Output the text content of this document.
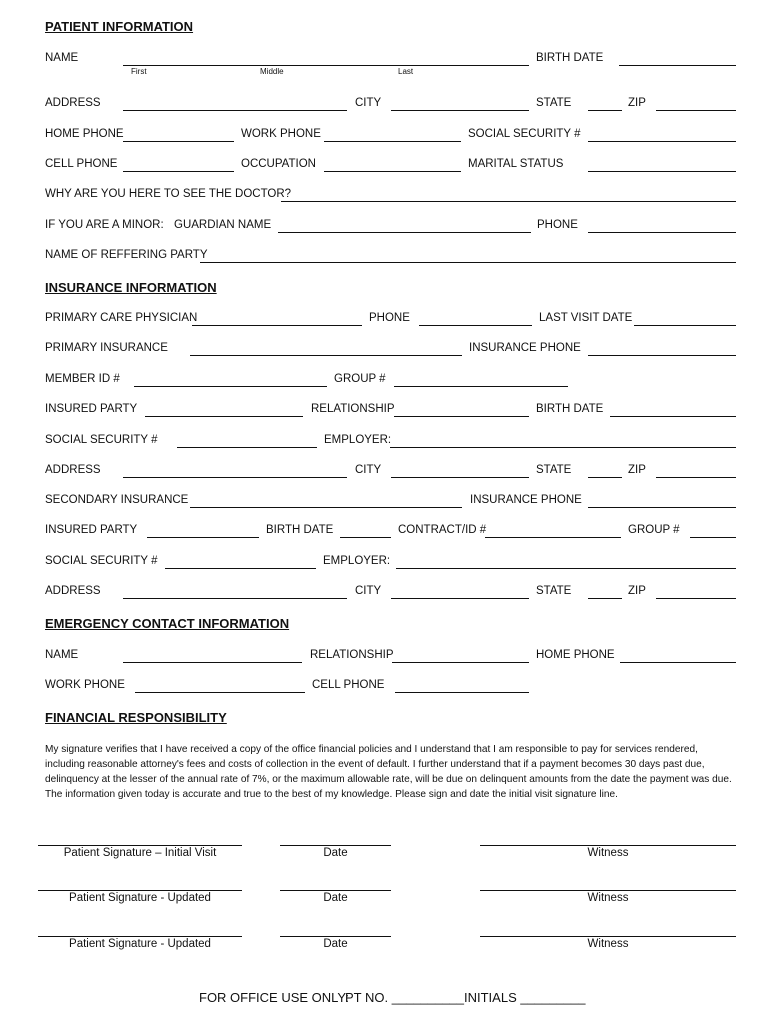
PATIENT INFORMATION
NAME
First	Middle	Last
BIRTH DATE
ADDRESS	CITY	STATE	ZIP
HOME PHONE	WORK PHONE	SOCIAL SECURITY #
CELL PHONE	OCCUPATION	MARITAL STATUS
WHY ARE YOU HERE TO SEE THE DOCTOR?
IF YOU ARE A MINOR: GUARDIAN NAME	PHONE
NAME OF REFFERING PARTY
INSURANCE INFORMATION
PRIMARY CARE PHYSICIAN	PHONE	LAST VISIT DATE
PRIMARY INSURANCE	INSURANCE PHONE
MEMBER ID #	GROUP #
INSURED PARTY	RELATIONSHIP	BIRTH DATE
SOCIAL SECURITY #	EMPLOYER:
ADDRESS	CITY	STATE	ZIP
SECONDARY INSURANCE	INSURANCE PHONE
INSURED PARTY	BIRTH DATE	CONTRACT/ID #	GROUP #
SOCIAL SECURITY #	EMPLOYER:
ADDRESS	CITY	STATE	ZIP
EMERGENCY CONTACT INFORMATION
NAME	RELATIONSHIP	HOME PHONE
WORK PHONE	CELL PHONE
FINANCIAL RESPONSIBILITY
My signature verifies that I have received a copy of the office financial policies and I understand that I am responsible to pay for services rendered, including reasonable attorney's fees and costs of collection in the event of default. I further understand that if a payment becomes 30 days past due, delinquency at the lesser of the annual rate of 7%, or the maximum allowable rate, will be due on delinquent amounts from the date the payment was due. The information given today is accurate and true to the best of my knowledge. Please sign and date the initial visit signature line.
Patient Signature – Initial Visit	Date	Witness
Patient Signature - Updated	Date	Witness
Patient Signature - Updated	Date	Witness
FOR OFFICE USE ONLY:
PT NO. __________ INITIALS _________
